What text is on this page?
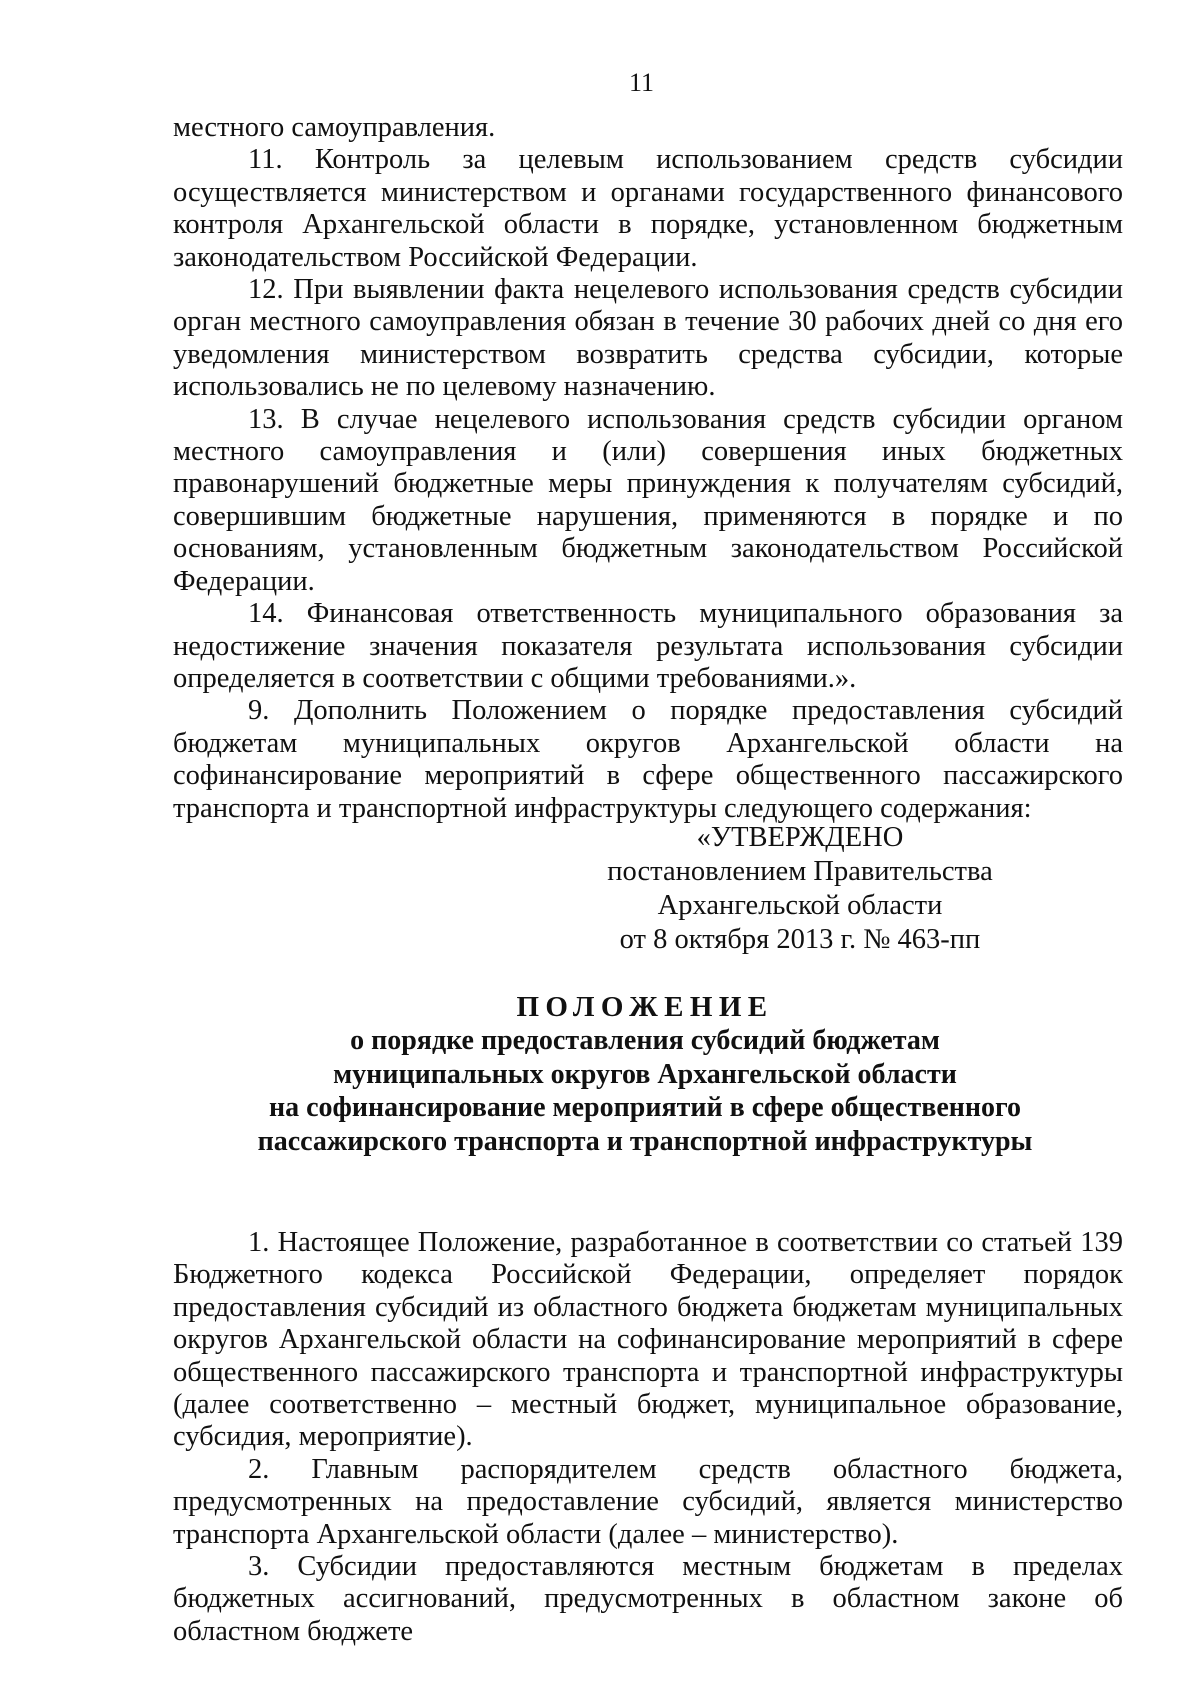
11

местного самоуправления.

11. Контроль за целевым использованием средств субсидии осуществляется министерством и органами государственного финансового контроля Архангельской области в порядке, установленном бюджетным законодательством Российской Федерации.

12. При выявлении факта нецелевого использования средств субсидии орган местного самоуправления обязан в течение 30 рабочих дней со дня его уведомления министерством возвратить средства субсидии, которые использовались не по целевому назначению.

13. В случае нецелевого использования средств субсидии органом местного самоуправления и (или) совершения иных бюджетных правонарушений бюджетные меры принуждения к получателям субсидий, совершившим бюджетные нарушения, применяются в порядке и по основаниям, установленным бюджетным законодательством Российской Федерации.

14. Финансовая ответственность муниципального образования за недостижение значения показателя результата использования субсидии определяется в соответствии с общими требованиями.».

9. Дополнить Положением о порядке предоставления субсидий бюджетам муниципальных округов Архангельской области на софинансирование мероприятий в сфере общественного пассажирского транспорта и транспортной инфраструктуры следующего содержания:

«УТВЕРЖДЕНО
постановлением Правительства
Архангельской области
от 8 октября 2013 г. № 463-пп
ПОЛОЖЕНИЕ
о порядке предоставления субсидий бюджетам
муниципальных округов Архангельской области
на софинансирование мероприятий в сфере общественного
пассажирского транспорта и транспортной инфраструктуры

1. Настоящее Положение, разработанное в соответствии со статьей 139 Бюджетного кодекса Российской Федерации, определяет порядок предоставления субсидий из областного бюджета бюджетам муниципальных округов Архангельской области на софинансирование мероприятий в сфере общественного пассажирского транспорта и транспортной инфраструктуры (далее соответственно – местный бюджет, муниципальное образование, субсидия, мероприятие).

2. Главным распорядителем средств областного бюджета, предусмотренных на предоставление субсидий, является министерство транспорта Архангельской области (далее – министерство).

3. Субсидии предоставляются местным бюджетам в пределах бюджетных ассигнований, предусмотренных в областном законе об областном бюджете
